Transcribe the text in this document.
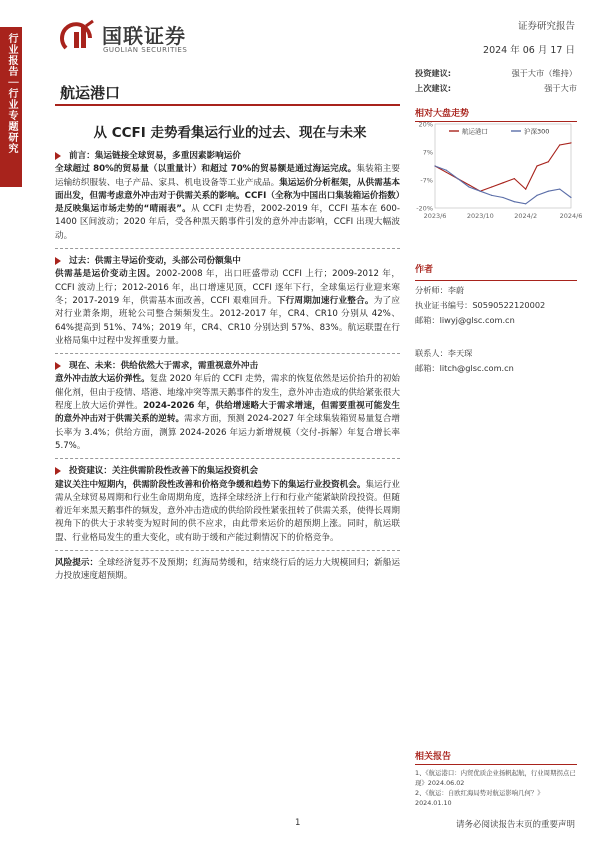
行业报告｜行业专题研究	国联证券
GUOLIAN SECURITIES
证券研究报告
2024 年 06 月 17 日
航运港口
从 CCFI 走势看集运行业的过去、现在与未来
前言：集运链接全球贸易，多重因素影响运价

全球超过 80%的贸易量（以重量计）和超过 70%的贸易额是通过海运完成。集装箱主要运输纺织服装、电子产品、家具、机电设备等工业产成品。集运运价分析框架，从供需基本面出发，但需考虑意外冲击对于供需关系的影响。CCFI（全称为中国出口集装箱运价指数）是反映集运市场走势的“晴雨表”。从 CCFI 走势看，2002-2019 年，CCFI 基本在 600-1400 区间波动；2020 年后，受各种黑天鹅事件引发的意外冲击影响，CCFI 出现大幅波动。

过去：供需主导运价变动，头部公司份额集中

供需基是运价变动主因。2002-2008 年，出口旺盛带动 CCFI 上行；2009-2012 年，CCFI 波动上行；2012-2016 年，出口增速见顶，CCFI 逐年下行，全球集运行业迎来寒冬；2017-2019 年，供需基本面改善，CCFI 艰难回升。下行周期加速行业整合。为了应对行业萧条期，班轮公司整合频频发生。2012-2017 年，CR4、CR10 分别从 42%、64%提高到 51%、74%；2019 年，CR4、CR10 分别达到 57%、83%。航运联盟在行业格局集中过程中发挥重要力量。

现在、未来：供给依然大于需求，需重视意外冲击

意外冲击放大运价弹性。复盘 2020 年后的 CCFI 走势，需求的恢复依然是运价抬升的初始催化剂，但由于疫情、塔港、地缘冲突等黑天鹅事件的发生，意外冲击造成的供给紧张很大程度上放大运价弹性。2024-2026 年，供给增速略大于需求增速，但需要重视可能发生的意外冲击对于供需关系的逆转。需求方面，预测 2024-2027 年全球集装箱贸易量复合增长率为 3.4%；供给方面，测算 2024-2026 年运力新增规模（交付-拆解）年复合增长率 5.7%。

投资建议：关注供需阶段性改善下的集运投资机会

建议关注中短期内，供需阶段性改善和价格竞争缓和趋势下的集运行业投资机会。集运行业需从全球贸易周期和行业生命周期角度，选择全球经济上行和行业产能紧缺阶段投资。但随着近年来黑天鹅事件的频发，意外冲击造成的供给阶段性紧张扭转了供需关系，使得长周期视角下的供大于求转变为短时间的供不应求，由此带来运价的超预期上涨。同时，航运联盟、行业格局发生的重大变化，或有助于缓和产能过剩情况下的价格竞争。

风险提示：全球经济复苏不及预期；红海局势缓和，结束绕行后的运力大规模回归；新船运力投放速度超预期。

投资建议:	强于大市（维持）
上次建议:	强于大市
相对大盘走势
20%
7%
-7%
-20%
2023/6	2023/10	2024/2	2024/6
航运港口	沪深300
作者
分析师：李蔚
执业证书编号：S0590522120002
邮箱：liwyj@glsc.com.cn
联系人：李天琛
邮箱：litch@glsc.com.cn
相关报告
1、《航运港口：内贸优质企业扬帆起航，行业周期拐点已现》2024.06.02
2、《航运：自欧红海局势对航运影响几何？》2024.01.10
1	请务必阅读报告末页的重要声明
